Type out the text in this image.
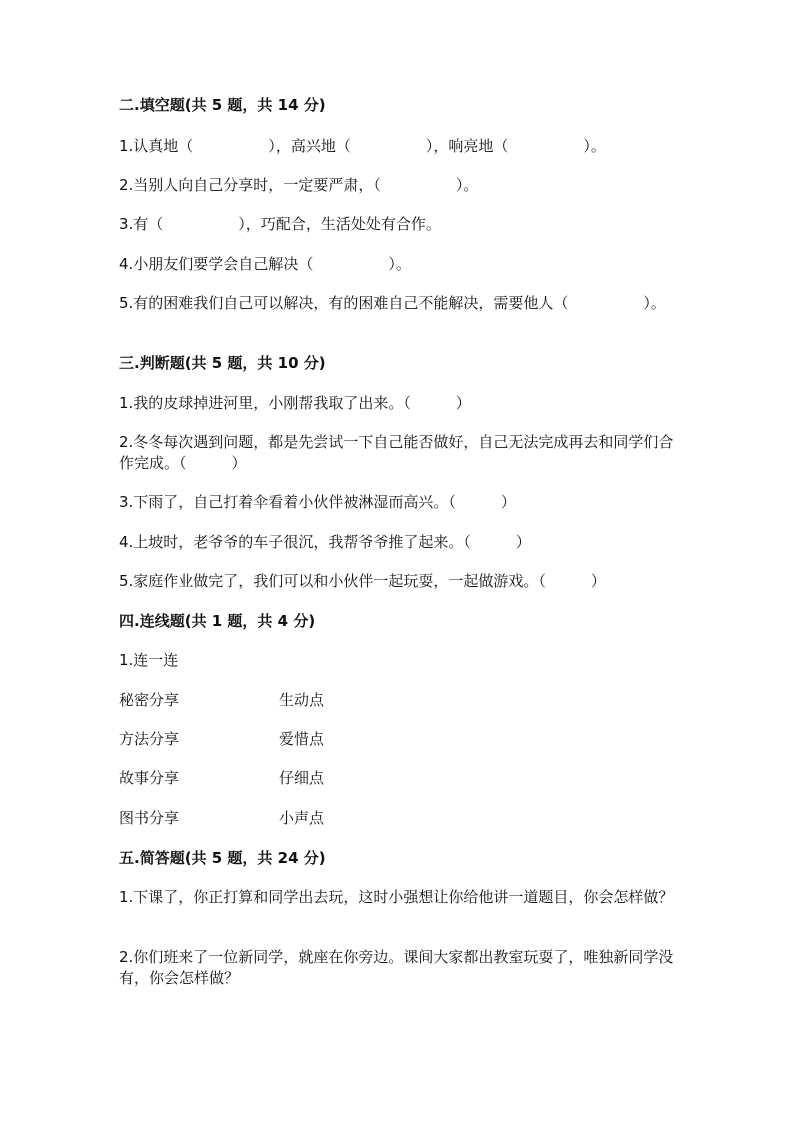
二.填空题(共 5 题，共 14 分)
1.认真地（　　　　　），高兴地（　　　　　），响亮地（　　　　　）。
2.当别人向自己分享时，一定要严肃，（　　　　　）。
3.有（　　　　　），巧配合，生活处处有合作。
4.小朋友们要学会自己解决（　　　　　）。
5.有的困难我们自己可以解决，有的困难自己不能解决，需要他人（　　　　　）。
三.判断题(共 5 题，共 10 分)
1.我的皮球掉进河里，小刚帮我取了出来。（　　　）
2.冬冬每次遇到问题，都是先尝试一下自己能否做好，自己无法完成再去和同学们合作完成。（　　　）
3.下雨了，自己打着伞看着小伙伴被淋湿而高兴。（　　　）
4.上坡时，老爷爷的车子很沉，我帮爷爷推了起来。（　　　）
5.家庭作业做完了，我们可以和小伙伴一起玩耍，一起做游戏。（　　　）
四.连线题(共 1 题，共 4 分)
1.连一连
秘密分享	生动点
方法分享	爱惜点
故事分享	仔细点
图书分享	小声点
五.简答题(共 5 题，共 24 分)
1.下课了，你正打算和同学出去玩，这时小强想让你给他讲一道题目，你会怎样做？
2.你们班来了一位新同学，就座在你旁边。课间大家都出教室玩耍了，唯独新同学没有，你会怎样做？
